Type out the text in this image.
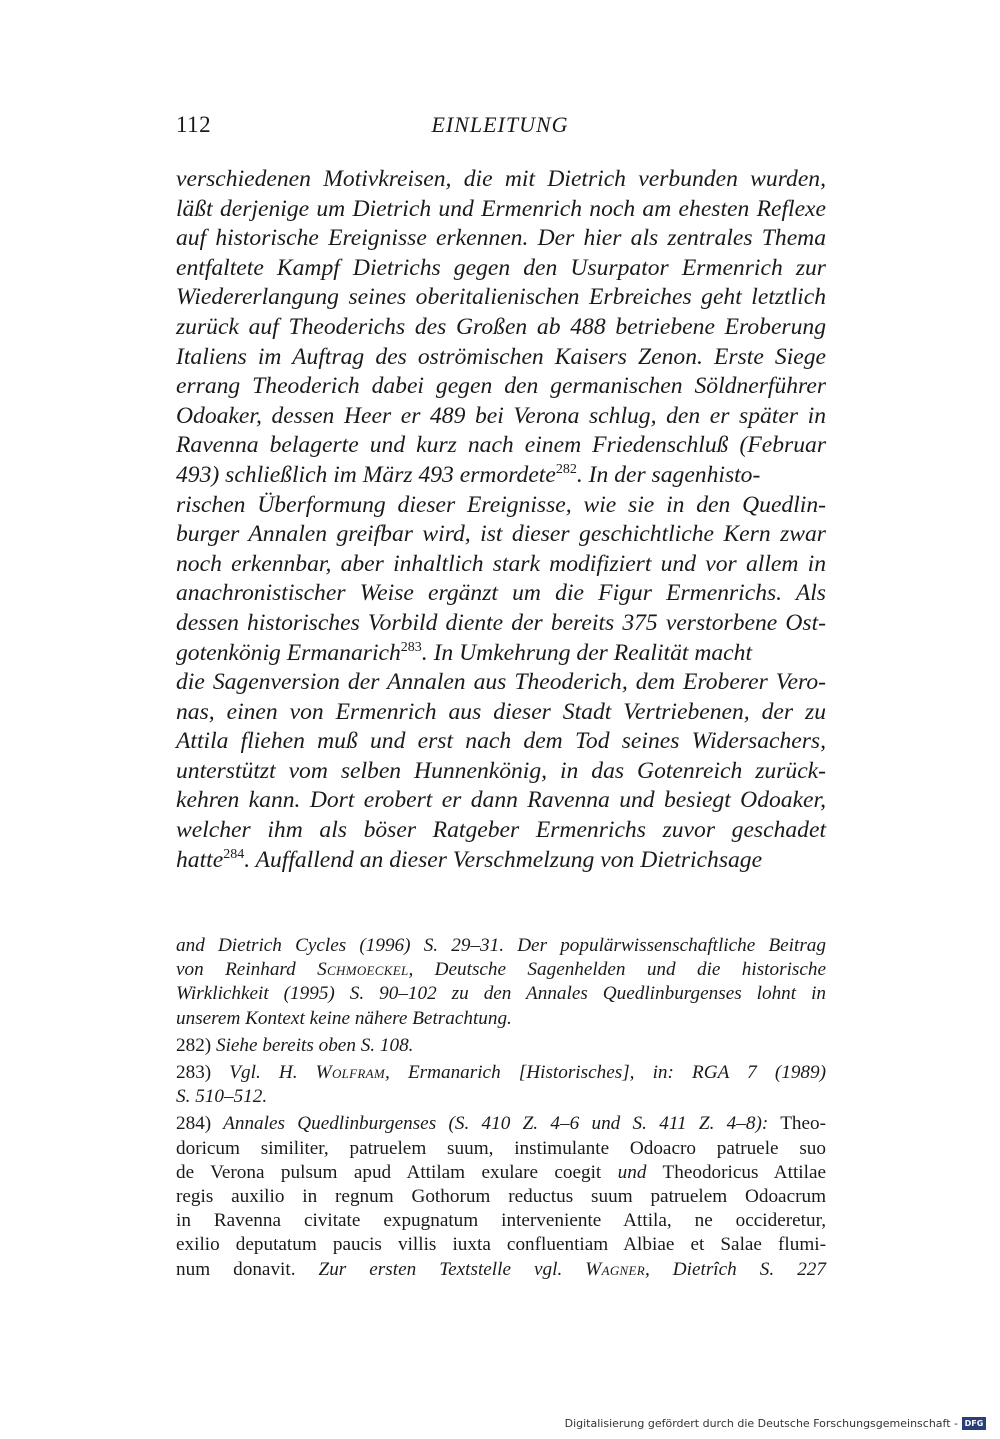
112	EINLEITUNG
verschiedenen Motivkreisen, die mit Dietrich verbunden wurden,
läßt derjenige um Dietrich und Ermenrich noch am ehesten Reflexe
auf historische Ereignisse erkennen. Der hier als zentrales Thema
entfaltete Kampf Dietrichs gegen den Usurpator Ermenrich zur
Wiedererlangung seines oberitalienischen Erbreiches geht letztlich
zurück auf Theoderichs des Großen ab 488 betriebene Eroberung
Italiens im Auftrag des oströmischen Kaisers Zenon. Erste Siege
errang Theoderich dabei gegen den germanischen Söldnerführer
Odoaker, dessen Heer er 489 bei Verona schlug, den er später in
Ravenna belagerte und kurz nach einem Friedenschluß (Februar
493) schließlich im März 493 ermordete$^{282}$. In der sagenhisto-
rischen Überformung dieser Ereignisse, wie sie in den Quedlin-
burger Annalen greifbar wird, ist dieser geschichtliche Kern zwar
noch erkennbar, aber inhaltlich stark modifiziert und vor allem in
anachronistischer Weise ergänzt um die Figur Ermenrichs. Als
dessen historisches Vorbild diente der bereits 375 verstorbene Ost-
gotenkönig Ermanarich$^{283}$. In Umkehrung der Realität macht
die Sagenversion der Annalen aus Theoderich, dem Eroberer Vero-
nas, einen von Ermenrich aus dieser Stadt Vertriebenen, der zu
Attila fliehen muß und erst nach dem Tod seines Widersachers,
unterstützt vom selben Hunnenkönig, in das Gotenreich zurück-
kehren kann. Dort erobert er dann Ravenna und besiegt Odoaker,
welcher ihm als böser Ratgeber Ermenrichs zuvor geschadet
hatte$^{284}$. Auffallend an dieser Verschmelzung von Dietrichsage
and Dietrich Cycles (1996) S. 29–31. Der populärwissenschaftliche Beitrag
von Reinhard Schmoeckel, Deutsche Sagenhelden und die historische
Wirklichkeit (1995) S. 90–102 zu den Annales Quedlinburgenses lohnt in
unserem Kontext keine nähere Betrachtung.
282) Siehe bereits oben S. 108.
283) Vgl. H. Wolfram, Ermanarich [Historisches], in: RGA 7 (1989)
S. 510–512.
284) Annales Quedlinburgenses (S. 410 Z. 4–6 und S. 411 Z. 4–8): Theo-
doricum similiter, patruelem suum, instimulante Odoacro patruele suo
de Verona pulsum apud Attilam exulare coegit und Theodoricus Attilae
regis auxilio in regnum Gothorum reductus suum patruelem Odoacrum
in Ravenna civitate expugnatum interveniente Attila, ne occideretur,
exilio deputatum paucis villis iuxta confluentiam Albiae et Salae flumi-
num donavit. Zur ersten Textstelle vgl. Wagner, Dietrîch S. 227
Digitalisierung gefördert durch die Deutsche Forschungsgemeinschaft - DFG
